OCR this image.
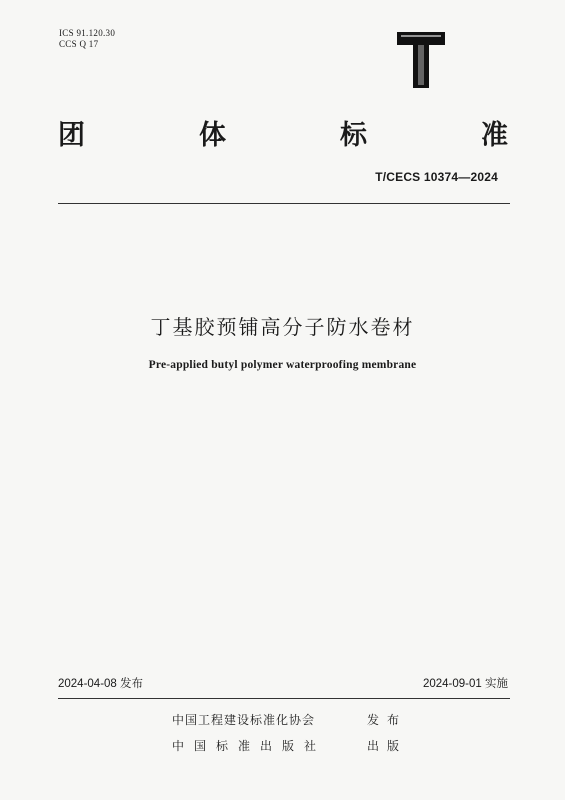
ICS 91.120.30
CCS Q 17
团	体	标	准
T/CECS 10374—2024
丁基胶预铺高分子防水卷材
Pre-applied butyl polymer waterproofing membrane
2024-04-08 发布	2024-09-01 实施
中国工程建设标准化协会	发布
中国标准出版社	出版
